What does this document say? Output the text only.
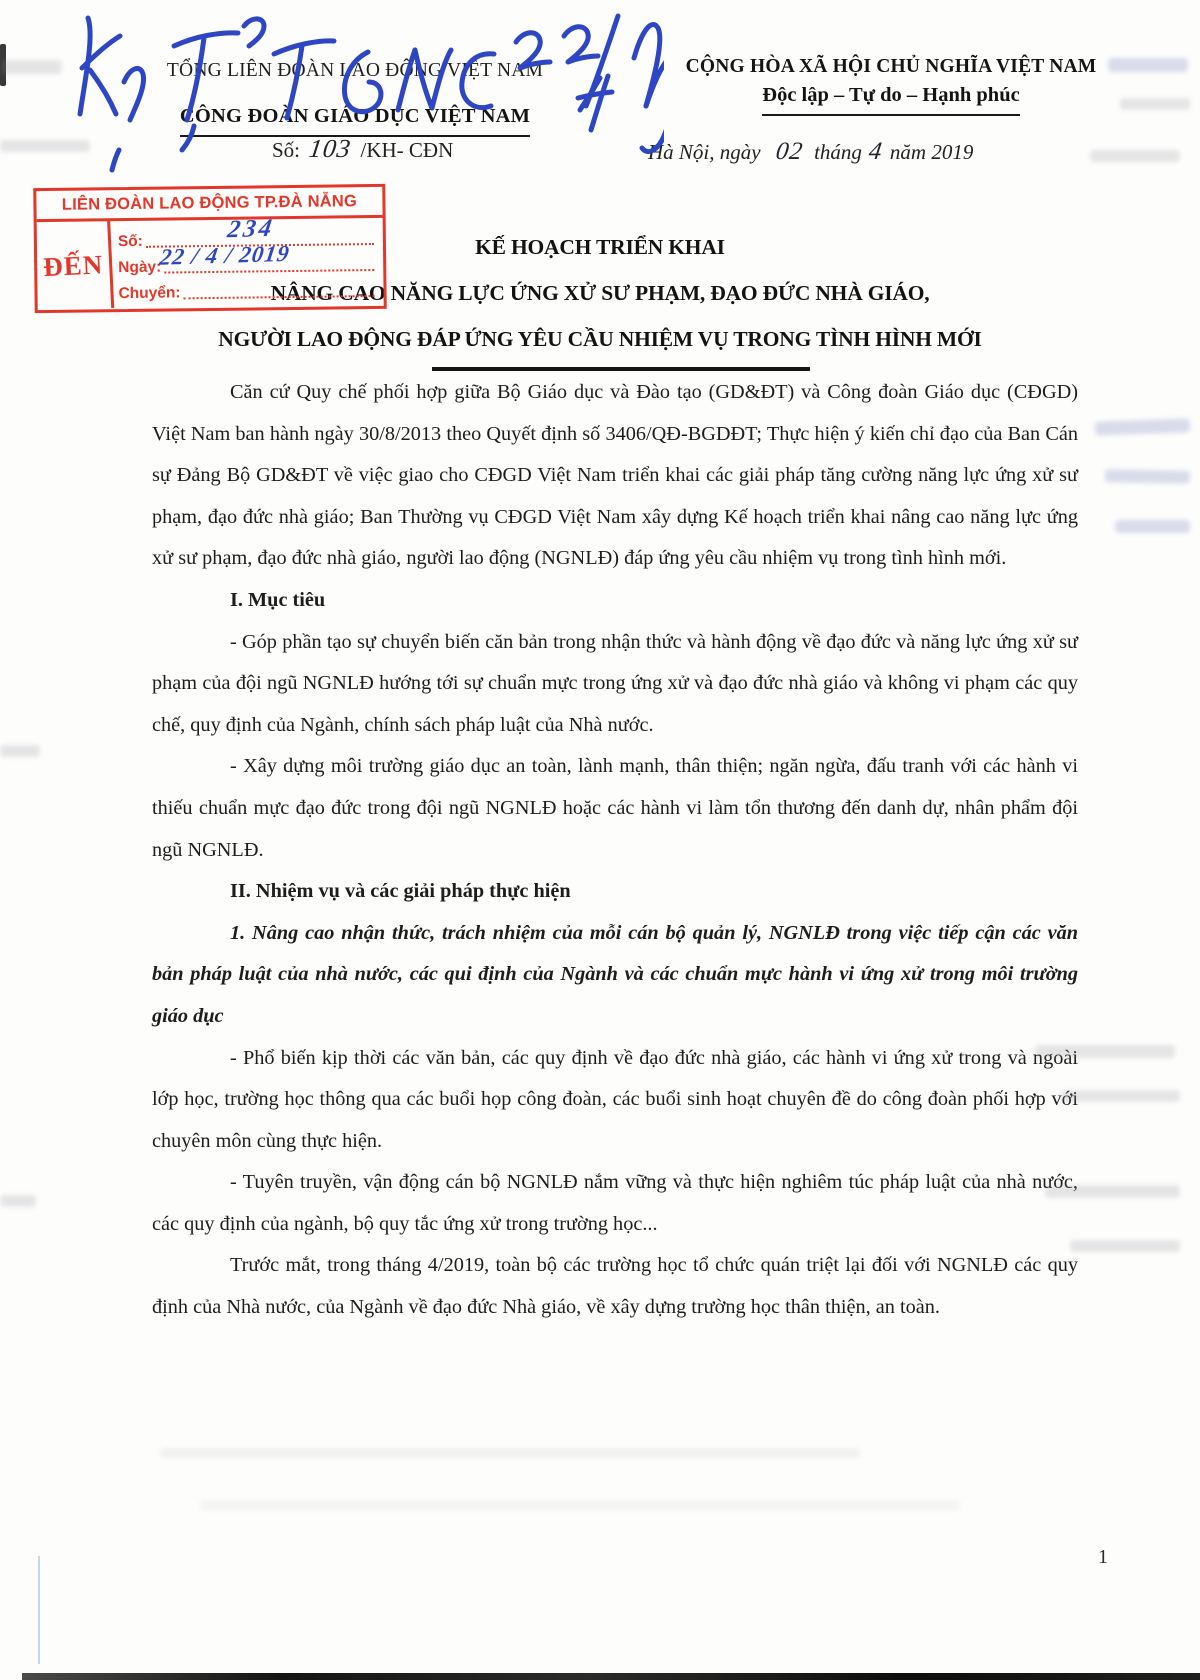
TỔNG LIÊN ĐOÀN LAO ĐỘNG VIỆT NAM

CÔNG ĐOÀN GIÁO DỤC VIỆT NAM
CỘNG HÒA XÃ HỘI CHỦ NGHĨA VIỆT NAM
Độc lập – Tự do – Hạnh phúc
Số: 103 /KH- CĐN	Hà Nội, ngày 02 tháng 4 năm 2019
LIÊN ĐOÀN LAO ĐỘNG TP.ĐÀ NẴNG
ĐẾN
Số:	234
Ngày:
22 / 4 / 2019
Chuyển:
KẾ HOẠCH TRIỂN KHAI
NÂNG CAO NĂNG LỰC ỨNG XỬ SƯ PHẠM, ĐẠO ĐỨC NHÀ GIÁO,
NGƯỜI LAO ĐỘNG ĐÁP ỨNG YÊU CẦU NHIỆM VỤ TRONG TÌNH HÌNH MỚI

Căn cứ Quy chế phối hợp giữa Bộ Giáo dục và Đào tạo (GD&ĐT) và Công đoàn Giáo dục (CĐGD) Việt Nam ban hành ngày 30/8/2013 theo Quyết định số 3406/QĐ-BGDĐT; Thực hiện ý kiến chỉ đạo của Ban Cán sự Đảng Bộ GD&ĐT về việc giao cho CĐGD Việt Nam triển khai các giải pháp tăng cường năng lực ứng xử sư phạm, đạo đức nhà giáo; Ban Thường vụ CĐGD Việt Nam xây dựng Kế hoạch triển khai nâng cao năng lực ứng xử sư phạm, đạo đức nhà giáo, người lao động (NGNLĐ) đáp ứng yêu cầu nhiệm vụ trong tình hình mới.

I. Mục tiêu

- Góp phần tạo sự chuyển biến căn bản trong nhận thức và hành động về đạo đức và năng lực ứng xử sư phạm của đội ngũ NGNLĐ hướng tới sự chuẩn mực trong ứng xử và đạo đức nhà giáo và không vi phạm các quy chế, quy định của Ngành, chính sách pháp luật của Nhà nước.

- Xây dựng môi trường giáo dục an toàn, lành mạnh, thân thiện; ngăn ngừa, đấu tranh với các hành vi thiếu chuẩn mực đạo đức trong đội ngũ NGNLĐ hoặc các hành vi làm tổn thương đến danh dự, nhân phẩm đội ngũ NGNLĐ.

II. Nhiệm vụ và các giải pháp thực hiện

1. Nâng cao nhận thức, trách nhiệm của mỗi cán bộ quản lý, NGNLĐ trong việc tiếp cận các văn bản pháp luật của nhà nước, các qui định của Ngành và các chuẩn mực hành vi ứng xử trong môi trường giáo dục

- Phổ biến kịp thời các văn bản, các quy định về đạo đức nhà giáo, các hành vi ứng xử trong và ngoài lớp học, trường học thông qua các buổi họp công đoàn, các buổi sinh hoạt chuyên đề do công đoàn phối hợp với chuyên môn cùng thực hiện.

- Tuyên truyền, vận động cán bộ NGNLĐ nắm vững và thực hiện nghiêm túc pháp luật của nhà nước, các quy định của ngành, bộ quy tắc ứng xử trong trường học...

Trước mắt, trong tháng 4/2019, toàn bộ các trường học tổ chức quán triệt lại đối với NGNLĐ các quy định của Nhà nước, của Ngành về đạo đức Nhà giáo, về xây dựng trường học thân thiện, an toàn.

1
